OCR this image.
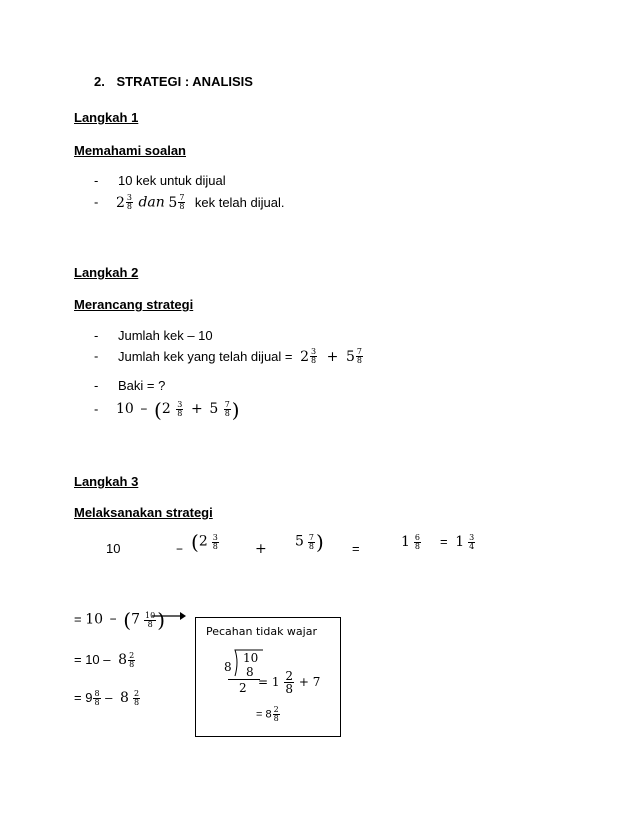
2. STRATEGI : ANALISIS
Langkah 1
Memahami soalan
- 10 kek untuk dijual
- $2 \frac{3}{8}$ dan $5 \frac{7}{8}$ kek telah dijual.
Langkah 2
Merancang strategi
- Jumlah kek – 10
- Jumlah kek yang telah dijual = $2 \frac{3}{8} + 5 \frac{7}{8}$
- Baki = ?
- $10 - (2 \frac{3}{8} + 5 \frac{7}{8}$ )
Langkah 3
Melaksanakan strategi
10	– ($2 \frac{3}{8}$	+ $5 \frac{7}{8}$ ) =	$1 \frac{6}{8} = 1 \frac{3}{4}$
= $10 - (7 \frac{10}{8}$ )
= $10 - 8 \frac{2}{8}$
= $9 \frac{8}{8} - 8 \frac{2}{8}$
Pecahan tidak wajar
8
10
8
$2 = 1 \frac{2}{8} + 7$
= $8 \frac{2}{8}$
